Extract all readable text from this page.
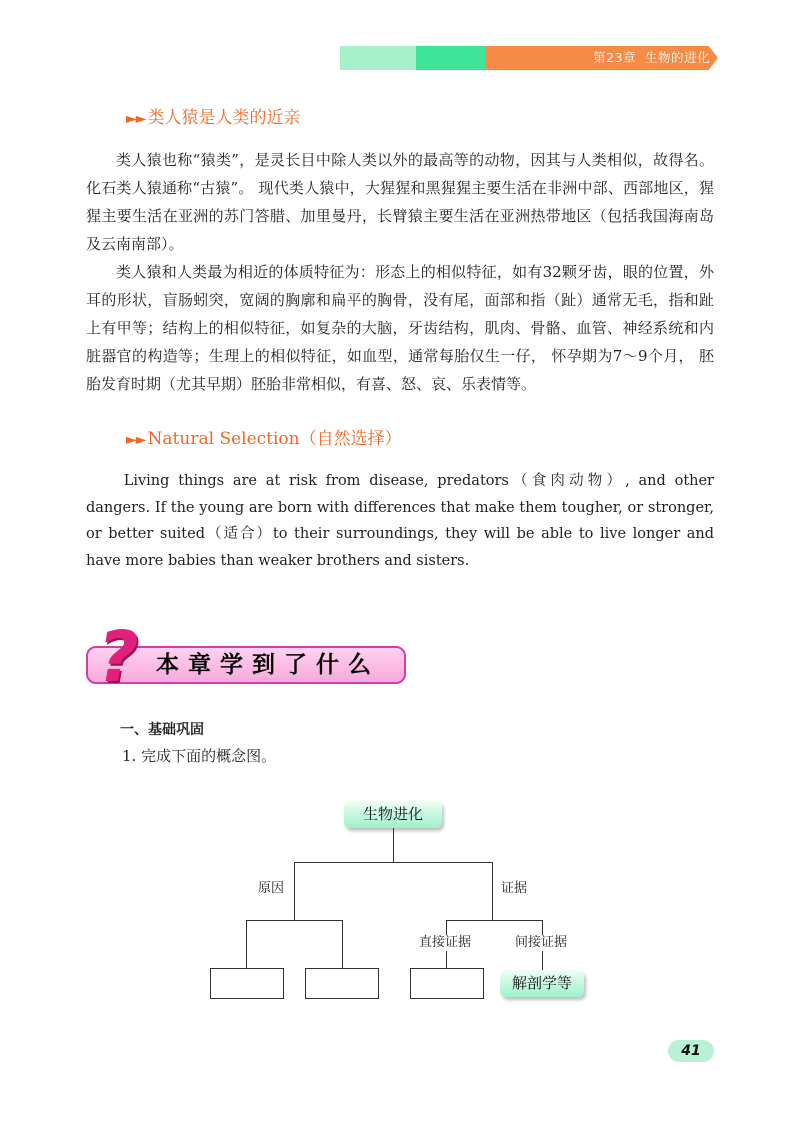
第23章 生物的进化
►► 类人猿是人类的近亲

类人猿也称“猿类”，是灵长目中除人类以外的最高等的动物，因其与人类相似，故得名。化石类人猿通称“古猿”。 现代类人猿中，大猩猩和黑猩猩主要生活在非洲中部、西部地区，猩猩主要生活在亚洲的苏门答腊、加里曼丹，长臂猿主要生活在亚洲热带地区（包括我国海南岛及云南南部）。

类人猿和人类最为相近的体质特征为：形态上的相似特征，如有32颗牙齿，眼的位置，外耳的形状，盲肠蚓突，宽阔的胸廓和扁平的胸骨，没有尾，面部和指（趾）通常无毛，指和趾上有甲等；结构上的相似特征，如复杂的大脑，牙齿结构，肌肉、骨骼、血管、神经系统和内脏器官的构造等；生理上的相似特征，如血型，通常每胎仅生一仔， 怀孕期为7～9个月， 胚胎发育时期（尤其早期）胚胎非常相似，有喜、怒、哀、乐表情等。

►► Natural Selection（自然选择）

Living things are at risk from disease, predators（食肉动物）, and other dangers. If the young are born with differences that make them tougher, or stronger, or better suited（适合）to their surroundings, they will be able to live longer and have more babies than weaker brothers and sisters.

? 本章学到了什么
一、基础巩固
1. 完成下面的概念图。
生物进化
原因	证据
直接证据	间接证据
解剖学等
41
